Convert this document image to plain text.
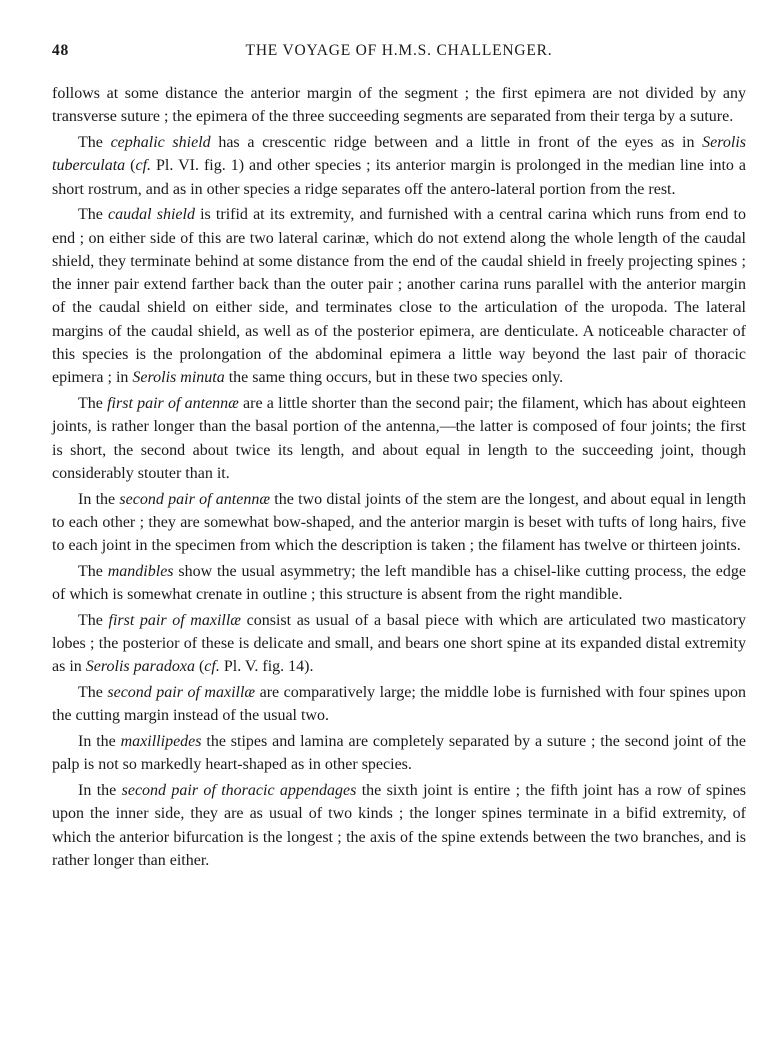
48	THE VOYAGE OF H.M.S. CHALLENGER.

follows at some distance the anterior margin of the segment ; the first epimera are not divided by any transverse suture ; the epimera of the three succeeding segments are separated from their terga by a suture.

The cephalic shield has a crescentic ridge between and a little in front of the eyes as in Serolis tuberculata (cf. Pl. VI. fig. 1) and other species ; its anterior margin is prolonged in the median line into a short rostrum, and as in other species a ridge separates off the antero-lateral portion from the rest.

The caudal shield is trifid at its extremity, and furnished with a central carina which runs from end to end ; on either side of this are two lateral carinæ, which do not extend along the whole length of the caudal shield, they terminate behind at some distance from the end of the caudal shield in freely projecting spines ; the inner pair extend farther back than the outer pair ; another carina runs parallel with the anterior margin of the caudal shield on either side, and terminates close to the articulation of the uropoda. The lateral margins of the caudal shield, as well as of the posterior epimera, are denticulate. A noticeable character of this species is the prolongation of the abdominal epimera a little way beyond the last pair of thoracic epimera ; in Serolis minuta the same thing occurs, but in these two species only.

The first pair of antennæ are a little shorter than the second pair; the filament, which has about eighteen joints, is rather longer than the basal portion of the antenna,—the latter is composed of four joints; the first is short, the second about twice its length, and about equal in length to the succeeding joint, though considerably stouter than it.

In the second pair of antennæ the two distal joints of the stem are the longest, and about equal in length to each other ; they are somewhat bow-shaped, and the anterior margin is beset with tufts of long hairs, five to each joint in the specimen from which the description is taken ; the filament has twelve or thirteen joints.

The mandibles show the usual asymmetry; the left mandible has a chisel-like cutting process, the edge of which is somewhat crenate in outline ; this structure is absent from the right mandible.

The first pair of maxillæ consist as usual of a basal piece with which are articulated two masticatory lobes ; the posterior of these is delicate and small, and bears one short spine at its expanded distal extremity as in Serolis paradoxa (cf. Pl. V. fig. 14).

The second pair of maxillæ are comparatively large; the middle lobe is furnished with four spines upon the cutting margin instead of the usual two.

In the maxillipedes the stipes and lamina are completely separated by a suture ; the second joint of the palp is not so markedly heart-shaped as in other species.

In the second pair of thoracic appendages the sixth joint is entire ; the fifth joint has a row of spines upon the inner side, they are as usual of two kinds ; the longer spines terminate in a bifid extremity, of which the anterior bifurcation is the longest ; the axis of the spine extends between the two branches, and is rather longer than either.
